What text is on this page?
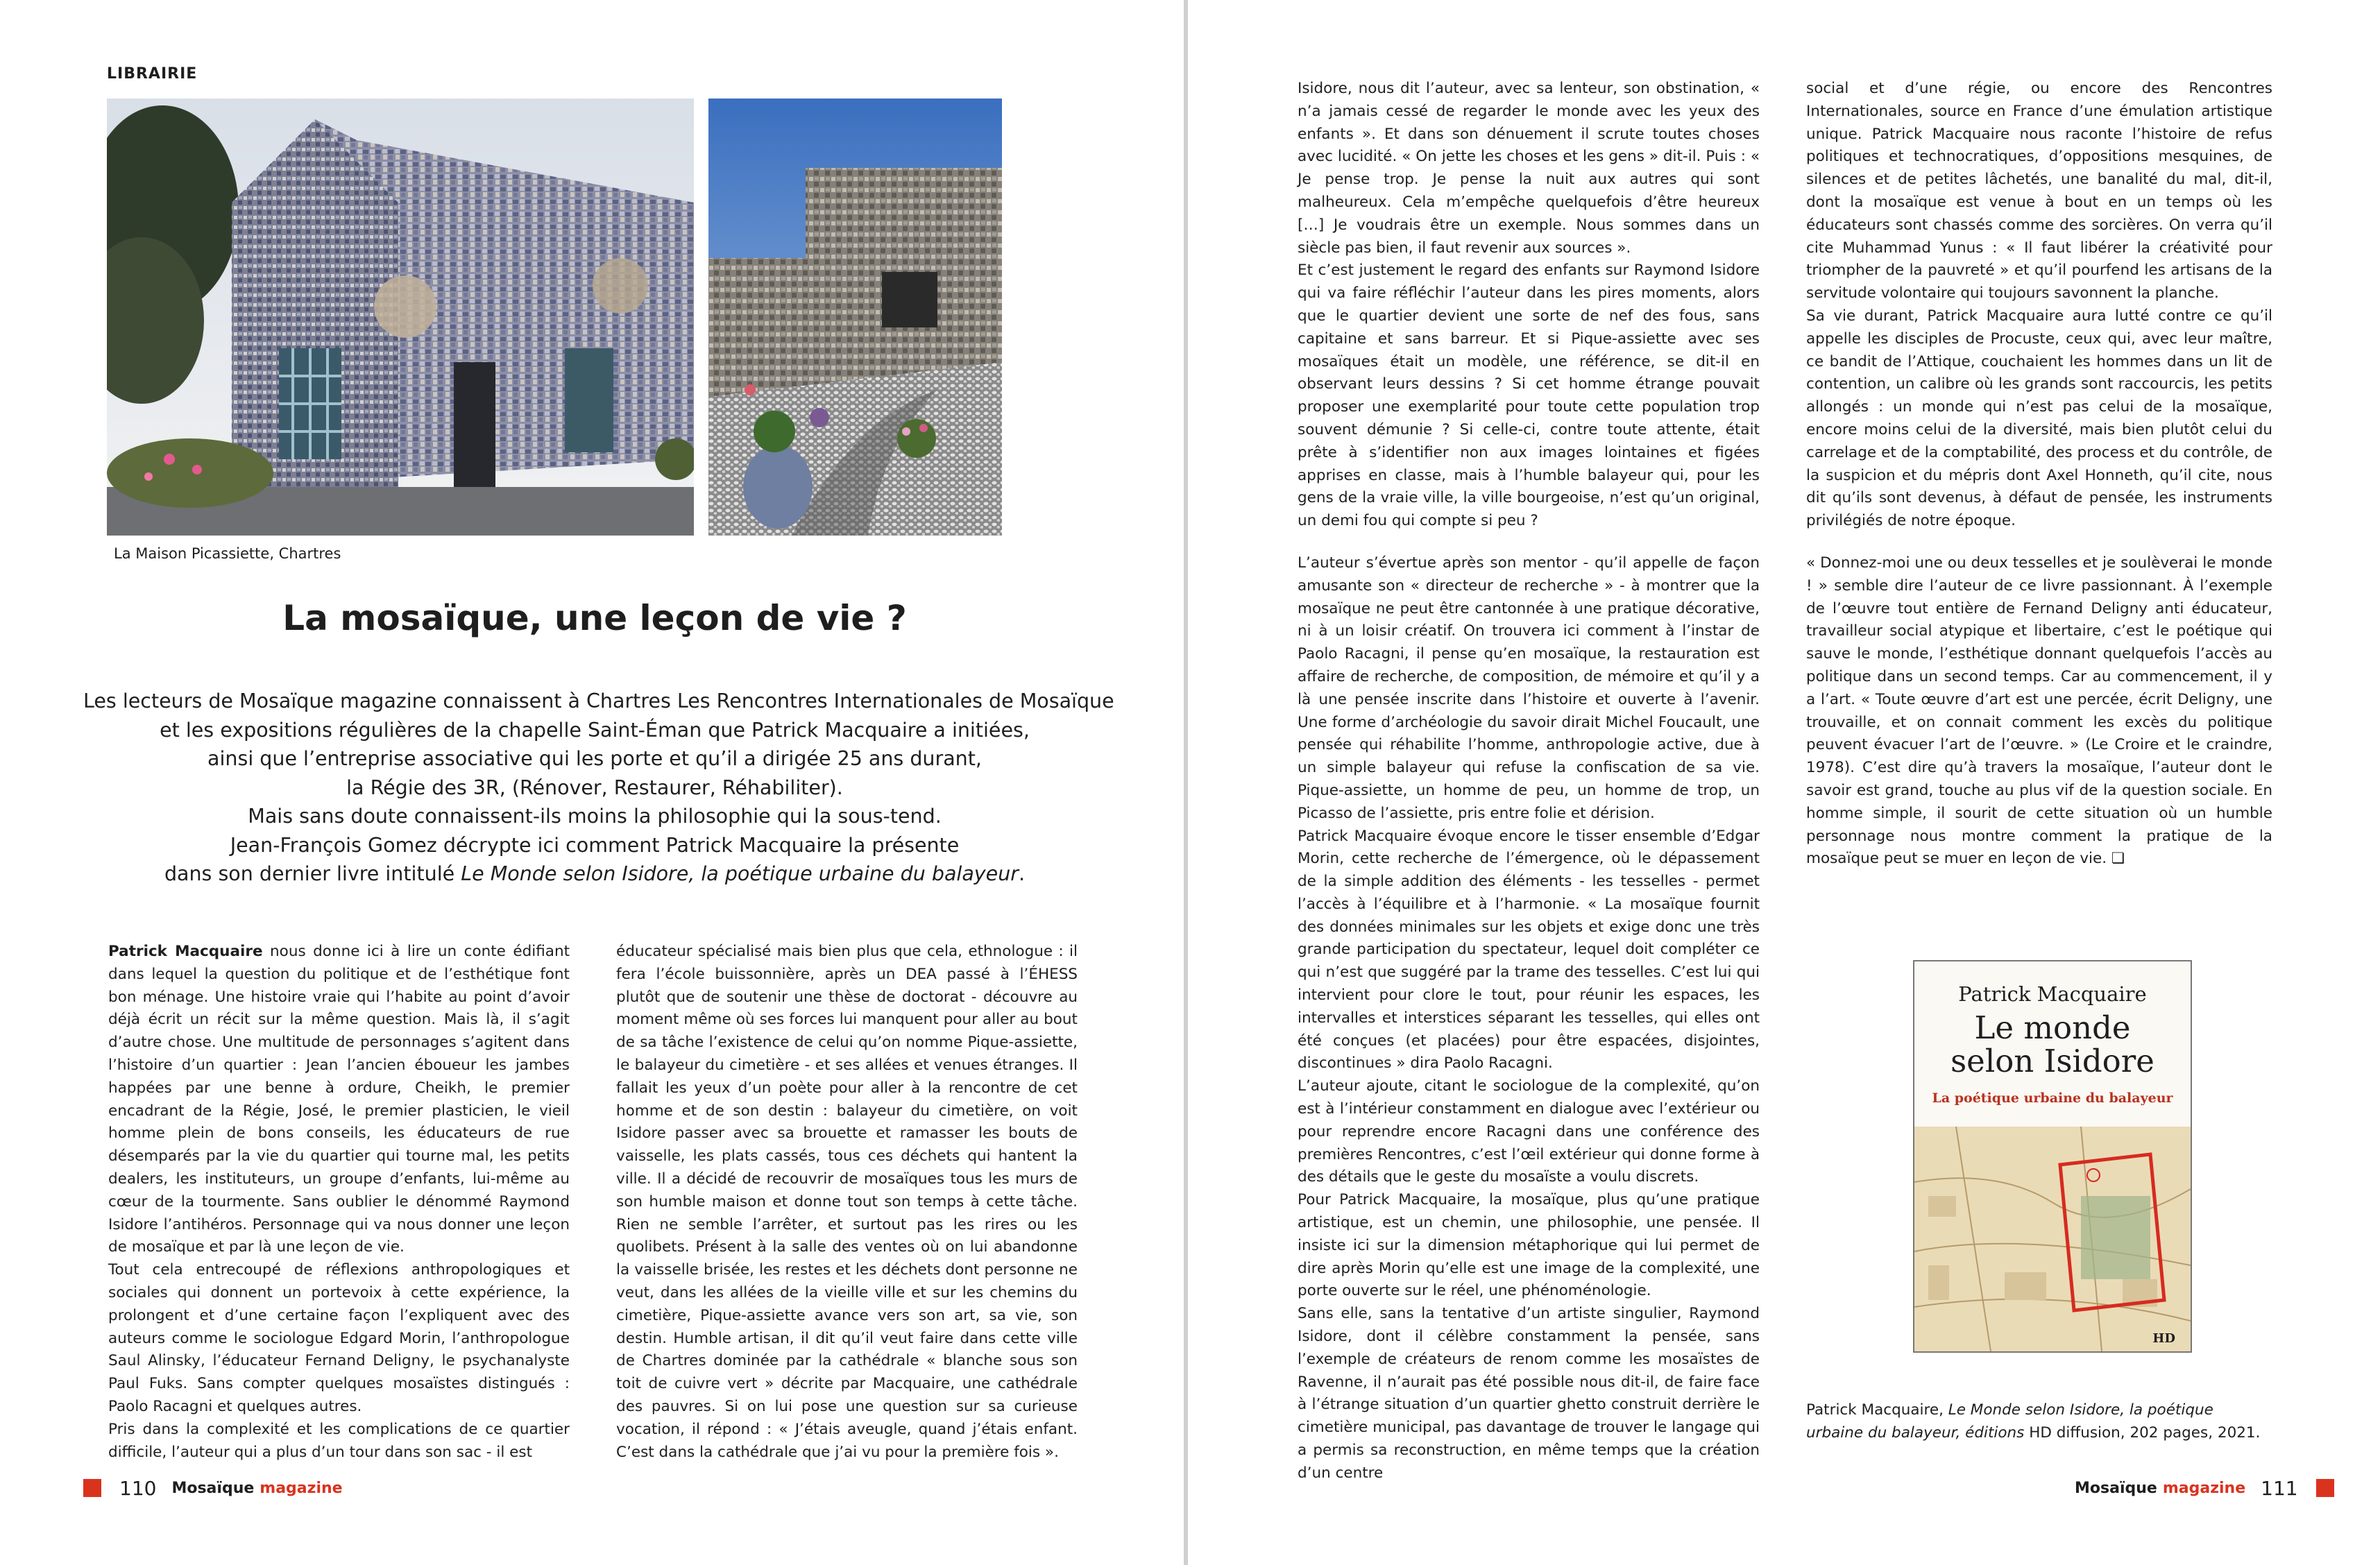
LIBRAIRIE
La Maison Picassiette, Chartres
La mosaïque, une leçon de vie ?
Les lecteurs de Mosaïque magazine connaissent à Chartres Les Rencontres Internationales de Mosaïque
et les expositions régulières de la chapelle Saint-Éman que Patrick Macquaire a initiées,
ainsi que l’entreprise associative qui les porte et qu’il a dirigée 25 ans durant,
la Régie des 3R, (Rénover, Restaurer, Réhabiliter).
Mais sans doute connaissent-ils moins la philosophie qui la sous-tend.
Jean-François Gomez décrypte ici comment Patrick Macquaire la présente
dans son dernier livre intitulé Le Monde selon Isidore, la poétique urbaine du balayeur.

Patrick Macquaire nous donne ici à lire un conte édifiant dans lequel la question du politique et de l’esthétique font bon ménage. Une histoire vraie qui l’habite au point d’avoir déjà écrit un récit sur la même question. Mais là, il s’agit d’autre chose. Une multitude de personnages s’agitent dans l’histoire d’un quartier : Jean l’ancien éboueur les jambes happées par une benne à ordure, Cheikh, le premier encadrant de la Régie, José, le premier plasticien, le vieil homme plein de bons conseils, les éducateurs de rue désemparés par la vie du quartier qui tourne mal, les petits dealers, les instituteurs, un groupe d’enfants, lui-même au cœur de la tourmente. Sans oublier le dénommé Raymond Isidore l’antihéros. Personnage qui va nous donner une leçon de mosaïque et par là une leçon de vie.

Tout cela entrecoupé de réflexions anthropologiques et sociales qui donnent un portevoix à cette expérience, la prolongent et d’une certaine façon l’expliquent avec des auteurs comme le sociologue Edgard Morin, l’anthropologue Saul Alinsky, l’éducateur Fernand Deligny, le psychanalyste Paul Fuks. Sans compter quelques mosaïstes distingués : Paolo Racagni et quelques autres.

Pris dans la complexité et les complications de ce quartier difficile, l’auteur qui a plus d’un tour dans son sac - il est

éducateur spécialisé mais bien plus que cela, ethnologue : il fera l’école buissonnière, après un DEA passé à l’ÉHESS plutôt que de soutenir une thèse de doctorat - découvre au moment même où ses forces lui manquent pour aller au bout de sa tâche l’existence de celui qu’on nomme Pique-assiette, le balayeur du cimetière - et ses allées et venues étranges. Il fallait les yeux d’un poète pour aller à la rencontre de cet homme et de son destin : balayeur du cimetière, on voit Isidore passer avec sa brouette et ramasser les bouts de vaisselle, les plats cassés, tous ces déchets qui hantent la ville. Il a décidé de recouvrir de mosaïques tous les murs de son humble maison et donne tout son temps à cette tâche. Rien ne semble l’arrêter, et surtout pas les rires ou les quolibets. Présent à la salle des ventes où on lui abandonne la vaisselle brisée, les restes et les déchets dont personne ne veut, dans les allées de la vieille ville et sur les chemins du cimetière, Pique-assiette avance vers son art, sa vie, son destin. Humble artisan, il dit qu’il veut faire dans cette ville de Chartres dominée par la cathédrale « blanche sous son toit de cuivre vert » décrite par Macquaire, une cathédrale des pauvres. Si on lui pose une question sur sa curieuse vocation, il répond : « J’étais aveugle, quand j’étais enfant. C’est dans la cathédrale que j’ai vu pour la première fois ».

110 Mosaïque magazine

Isidore, nous dit l’auteur, avec sa lenteur, son obstination, « n’a jamais cessé de regarder le monde avec les yeux des enfants ». Et dans son dénuement il scrute toutes choses avec lucidité. « On jette les choses et les gens » dit-il. Puis : « Je pense trop. Je pense la nuit aux autres qui sont malheureux. Cela m’empêche quelquefois d’être heureux […] Je voudrais être un exemple. Nous sommes dans un siècle pas bien, il faut revenir aux sources ».

Et c’est justement le regard des enfants sur Raymond Isidore qui va faire réfléchir l’auteur dans les pires moments, alors que le quartier devient une sorte de nef des fous, sans capitaine et sans barreur. Et si Pique-assiette avec ses mosaïques était un modèle, une référence, se dit-il en observant leurs dessins ? Si cet homme étrange pouvait proposer une exemplarité pour toute cette population trop souvent démunie ? Si celle-ci, contre toute attente, était prête à s’identifier non aux images lointaines et figées apprises en classe, mais à l’humble balayeur qui, pour les gens de la vraie ville, la ville bourgeoise, n’est qu’un original, un demi fou qui compte si peu ?

L’auteur s’évertue après son mentor - qu’il appelle de façon amusante son « directeur de recherche » - à montrer que la mosaïque ne peut être cantonnée à une pratique décorative, ni à un loisir créatif. On trouvera ici comment à l’instar de Paolo Racagni, il pense qu’en mosaïque, la restauration est affaire de recherche, de composition, de mémoire et qu’il y a là une pensée inscrite dans l’histoire et ouverte à l’avenir. Une forme d’archéologie du savoir dirait Michel Foucault, une pensée qui réhabilite l’homme, anthropologie active, due à un simple balayeur qui refuse la confiscation de sa vie. Pique-assiette, un homme de peu, un homme de trop, un Picasso de l’assiette, pris entre folie et dérision.

Patrick Macquaire évoque encore le tisser ensemble d’Edgar Morin, cette recherche de l’émergence, où le dépassement de la simple addition des éléments - les tesselles - permet l’accès à l’équilibre et à l’harmonie. « La mosaïque fournit des données minimales sur les objets et exige donc une très grande participation du spectateur, lequel doit compléter ce qui n’est que suggéré par la trame des tesselles. C’est lui qui intervient pour clore le tout, pour réunir les espaces, les intervalles et interstices séparant les tesselles, qui elles ont été conçues (et placées) pour être espacées, disjointes, discontinues » dira Paolo Racagni.

L’auteur ajoute, citant le sociologue de la complexité, qu’on est à l’intérieur constamment en dialogue avec l’extérieur ou pour reprendre encore Racagni dans une conférence des premières Rencontres, c’est l’œil extérieur qui donne forme à des détails que le geste du mosaïste a voulu discrets.

Pour Patrick Macquaire, la mosaïque, plus qu’une pratique artistique, est un chemin, une philosophie, une pensée. Il insiste ici sur la dimension métaphorique qui lui permet de dire après Morin qu’elle est une image de la complexité, une porte ouverte sur le réel, une phénoménologie.

Sans elle, sans la tentative d’un artiste singulier, Raymond Isidore, dont il célèbre constamment la pensée, sans l’exemple de créateurs de renom comme les mosaïstes de Ravenne, il n’aurait pas été possible nous dit-il, de faire face à l’étrange situation d’un quartier ghetto construit derrière le cimetière municipal, pas davantage de trouver le langage qui a permis sa reconstruction, en même temps que la création d’un centre

social et d’une régie, ou encore des Rencontres Internationales, source en France d’une émulation artistique unique. Patrick Macquaire nous raconte l’histoire de refus politiques et technocratiques, d’oppositions mesquines, de silences et de petites lâchetés, une banalité du mal, dit-il, dont la mosaïque est venue à bout en un temps où les éducateurs sont chassés comme des sorcières. On verra qu’il cite Muhammad Yunus : « Il faut libérer la créativité pour triompher de la pauvreté » et qu’il pourfend les artisans de la servitude volontaire qui toujours savonnent la planche.

Sa vie durant, Patrick Macquaire aura lutté contre ce qu’il appelle les disciples de Procuste, ceux qui, avec leur maître, ce bandit de l’Attique, couchaient les hommes dans un lit de contention, un calibre où les grands sont raccourcis, les petits allongés : un monde qui n’est pas celui de la mosaïque, encore moins celui de la diversité, mais bien plutôt celui du carrelage et de la comptabilité, des process et du contrôle, de la suspicion et du mépris dont Axel Honneth, qu’il cite, nous dit qu’ils sont devenus, à défaut de pensée, les instruments privilégiés de notre époque.

« Donnez-moi une ou deux tesselles et je soulèverai le monde ! » semble dire l’auteur de ce livre passionnant. À l’exemple de l’œuvre tout entière de Fernand Deligny anti éducateur, travailleur social atypique et libertaire, c’est le poétique qui sauve le monde, l’esthétique donnant quelquefois l’accès au politique dans un second temps. Car au commencement, il y a l’art. « Toute œuvre d’art est une percée, écrit Deligny, une trouvaille, et on connait comment les excès du politique peuvent évacuer l’art de l’œuvre. » (Le Croire et le craindre, 1978). C’est dire qu’à travers la mosaïque, l’auteur dont le savoir est grand, touche au plus vif de la question sociale. En homme simple, il sourit de cette situation où un humble personnage nous montre comment la pratique de la mosaïque peut se muer en leçon de vie. ❏

Patrick Macquaire
Le monde
selon Isidore
La poétique urbaine du balayeur
HD
Patrick Macquaire, Le Monde selon Isidore, la poétique urbaine du balayeur, éditions HD diffusion, 202 pages, 2021.
Mosaïque magazine 111
